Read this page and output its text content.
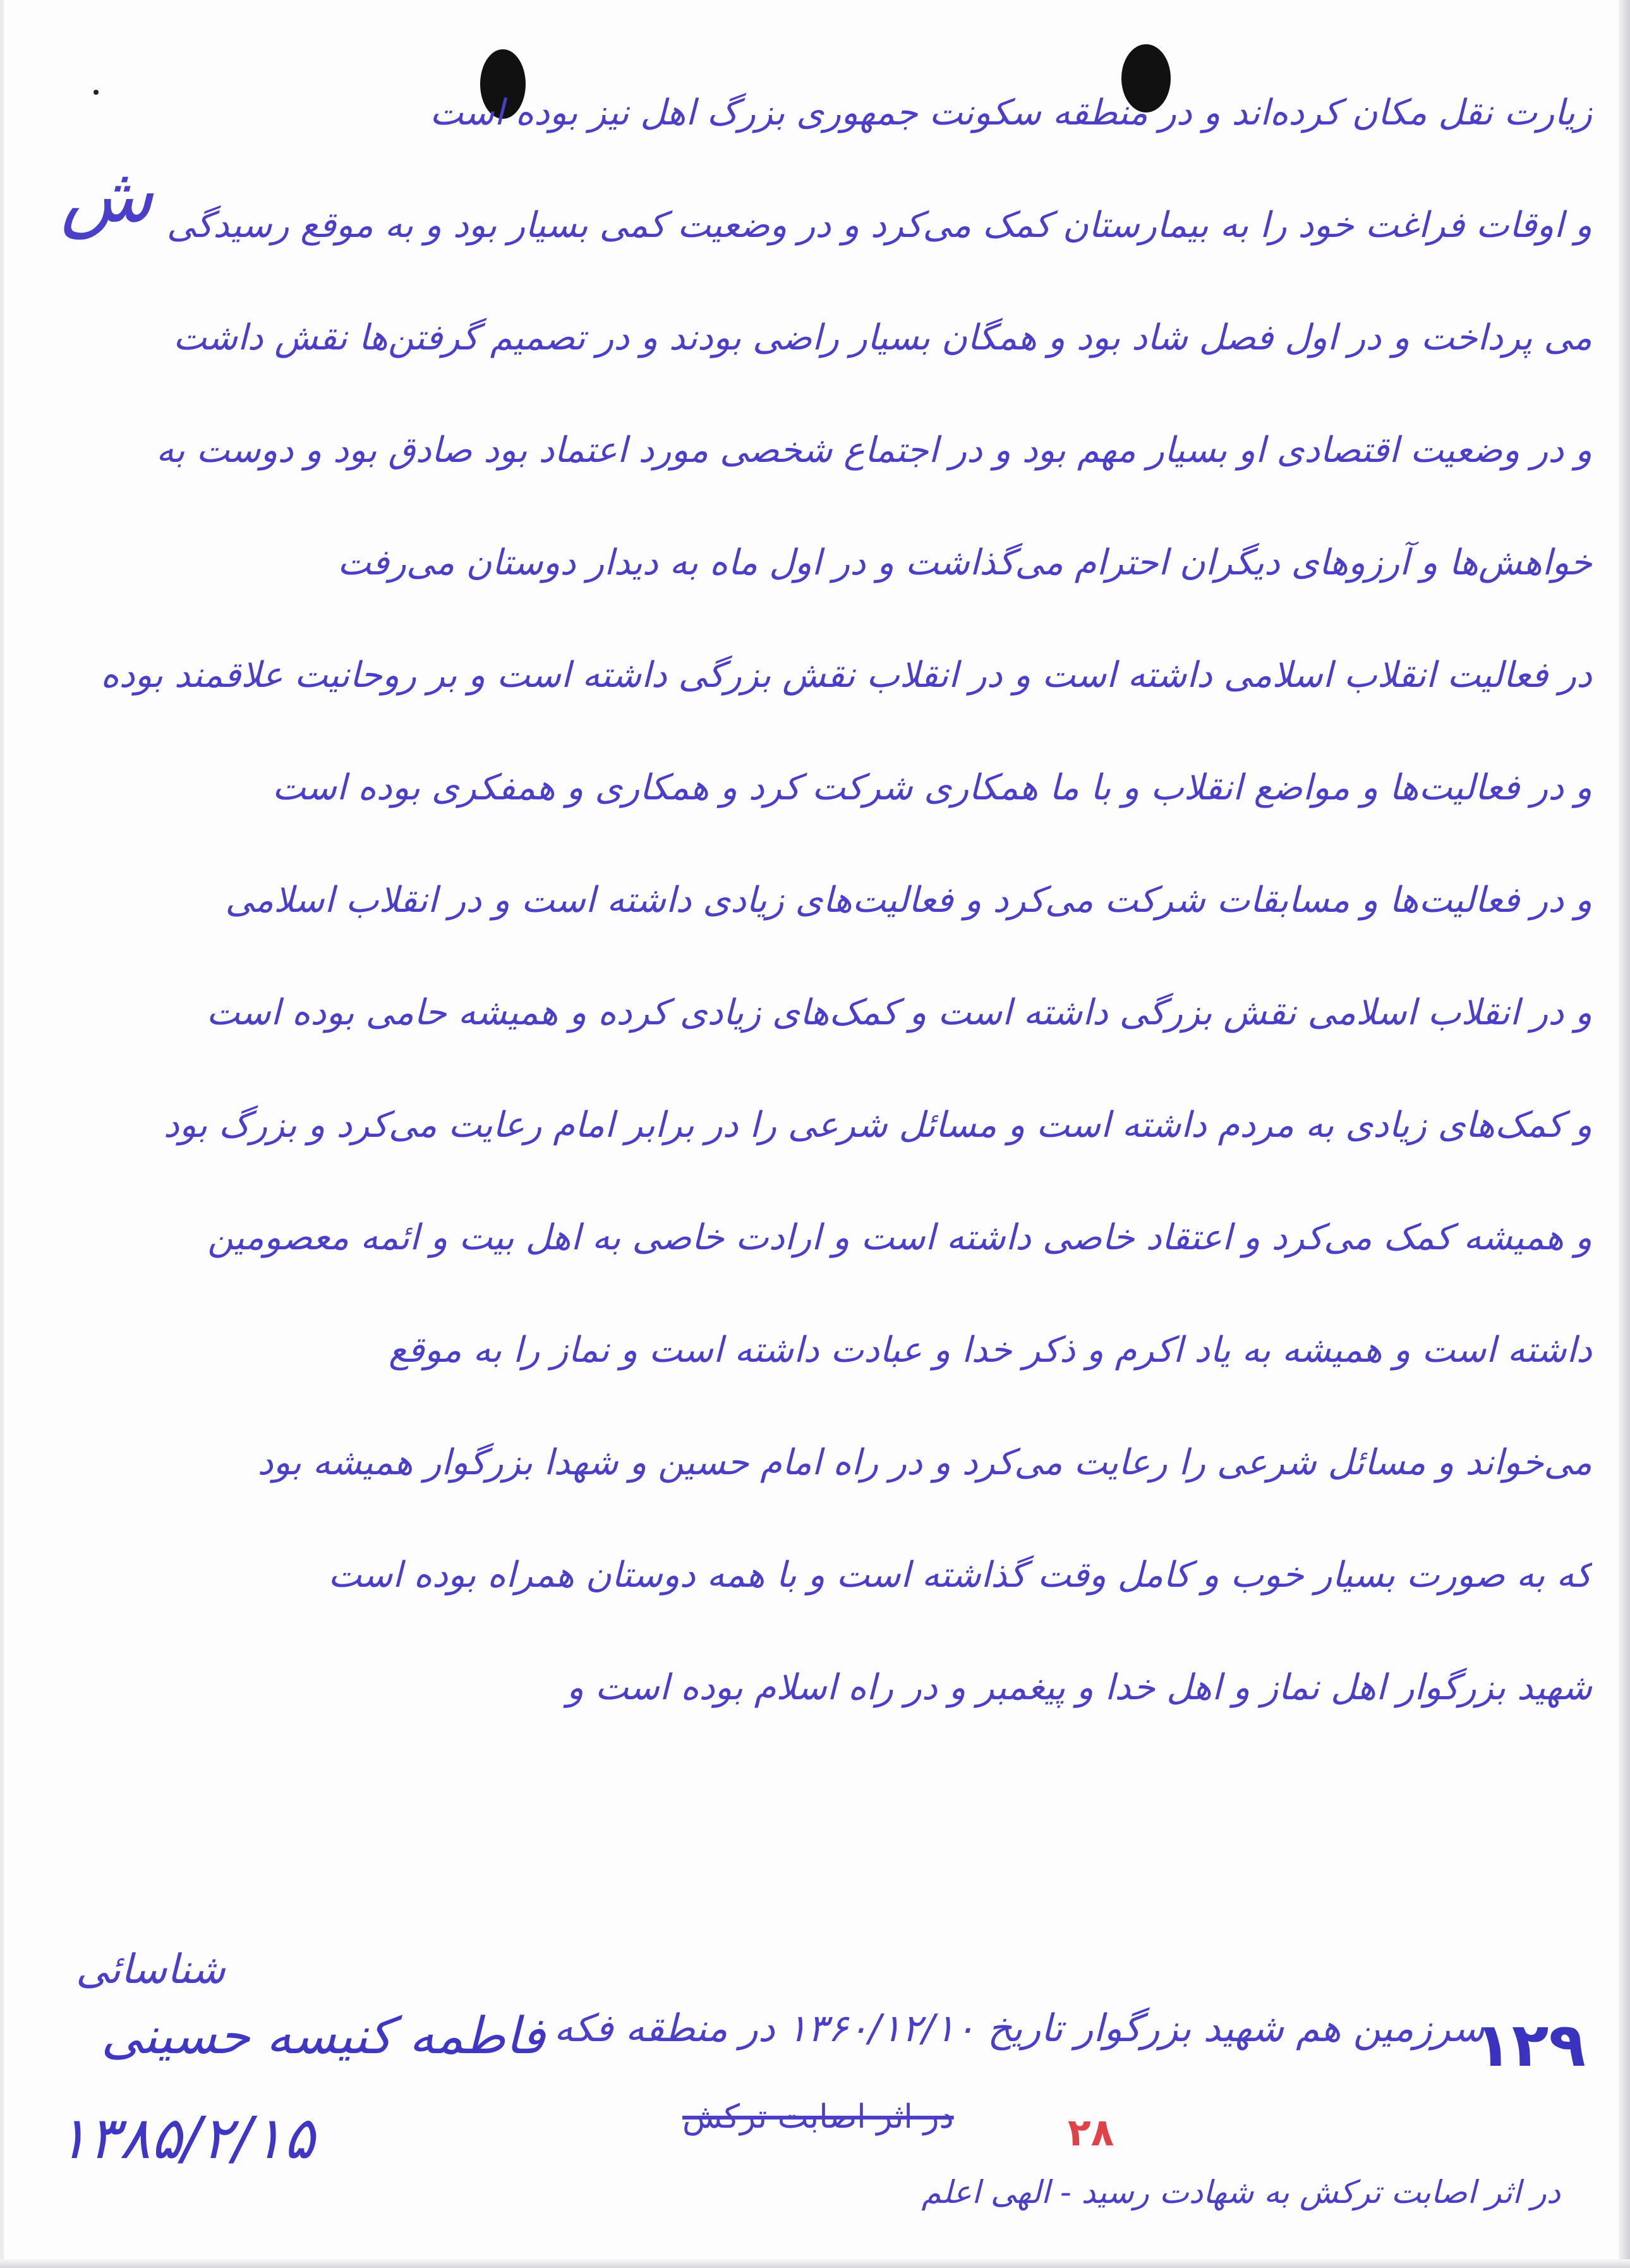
ش
زیارت نقل مکان کرده‌اند و در منطقه سکونت جمهوری بزرگ اهل نیز بوده است
و اوقات فراغت خود را به بیمارستان کمک می‌کرد و در وضعیت کمی بسیار بود و به موقع رسیدگی
می پرداخت و در اول فصل شاد بود و همگان بسیار راضی بودند و در تصمیم گرفتن‌ها نقش داشت
و در وضعیت اقتصادی او بسیار مهم بود و در اجتماع شخصی مورد اعتماد بود صادق بود و دوست به
خواهش‌ها و آرزوهای دیگران احترام می‌گذاشت و در اول ماه به دیدار دوستان می‌رفت
در فعالیت انقلاب اسلامی داشته است و در انقلاب نقش بزرگی داشته است و بر روحانیت علاقمند بوده
و در فعالیت‌ها و مواضع انقلاب و با ما همکاری شرکت کرد و همکاری و همفکری بوده است
و در فعالیت‌ها و مسابقات شرکت می‌کرد و فعالیت‌های زیادی داشته است و در انقلاب اسلامی
و در انقلاب اسلامی نقش بزرگی داشته است و کمک‌های زیادی کرده و همیشه حامی بوده است
و کمک‌های زیادی به مردم داشته است و مسائل شرعی را در برابر امام رعایت می‌کرد و بزرگ بود
و همیشه کمک می‌کرد و اعتقاد خاصی داشته است و ارادت خاصی به اهل بیت و ائمه معصومین
داشته است و همیشه به یاد اکرم و ذکر خدا و عبادت داشته است و نماز را به موقع
می‌خواند و مسائل شرعی را رعایت می‌کرد و در راه امام حسین و شهدا بزرگوار همیشه بود
که به صورت بسیار خوب و کامل وقت گذاشته است و با همه دوستان همراه بوده است
شهید بزرگوار اهل نماز و اهل خدا و پیغمبر و در راه اسلام بوده است و
شناسائی
۱۲۹
سرزمین هم شهید بزرگوار تاریخ ۱۳۶۰/۱۲/۱۰ در منطقه فکه
فاطمه کنیسه حسینی
در اثر اصابت ترکش	۲۸
۱۳۸۵/۲/۱۵
در اثر اصابت ترکش به شهادت رسید - الهی اعلم
